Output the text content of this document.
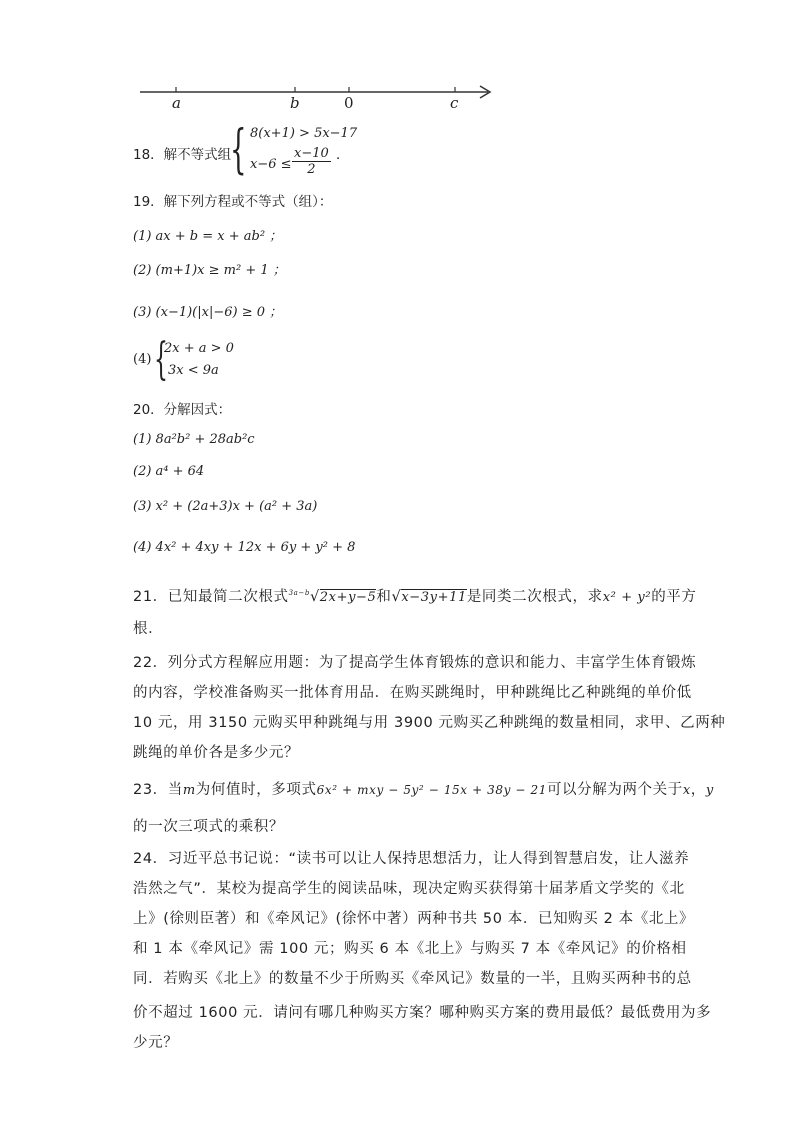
a	b	0	c
18．解不等式组
{ 8(x+1) > 5x−17
$x-6 \le \frac{x-10}{2}$ ．
19．解下列方程或不等式（组）：
(1) ax + b = x + ab² ；
(2) (m+1)x ≥ m² + 1 ；
(3) (x−1)(|x|−6) ≥ 0 ；
(4) {
2x + a > 0
3x < 9a
20．分解因式：
(1) 8a²b² + 28ab²c
(2) a⁴ + 64
(3) x² + (2a+3)x + (a² + 3a)
(4) 4x² + 4xy + 12x + 6y + y² + 8
21．已知最简二次根式$^{3a-b}$√2x+y−5和√x−3y+11是同类二次根式，求x² + y²的平方
根．
22．列分式方程解应用题：为了提高学生体育锻炼的意识和能力、丰富学生体育锻炼
的内容，学校准备购买一批体育用品．在购买跳绳时，甲种跳绳比乙种跳绳的单价低
10 元，用 3150 元购买甲种跳绳与用 3900 元购买乙种跳绳的数量相同，求甲、乙两种
跳绳的单价各是多少元？
23．当m为何值时，多项式6x² + mxy − 5y² − 15x + 38y − 21可以分解为两个关于x，y
的一次三项式的乘积？
24．习近平总书记说：“读书可以让人保持思想活力，让人得到智慧启发，让人滋养
浩然之气”．某校为提高学生的阅读品味，现决定购买获得第十届茅盾文学奖的《北
上》(徐则臣著）和《牵风记》(徐怀中著）两种书共 50 本．已知购买 2 本《北上》
和 1 本《牵风记》需 100 元；购买 6 本《北上》与购买 7 本《牵风记》的价格相
同．若购买《北上》的数量不少于所购买《牵风记》数量的一半，且购买两种书的总
价不超过 1600 元．请问有哪几种购买方案？哪种购买方案的费用最低？最低费用为多
少元？
